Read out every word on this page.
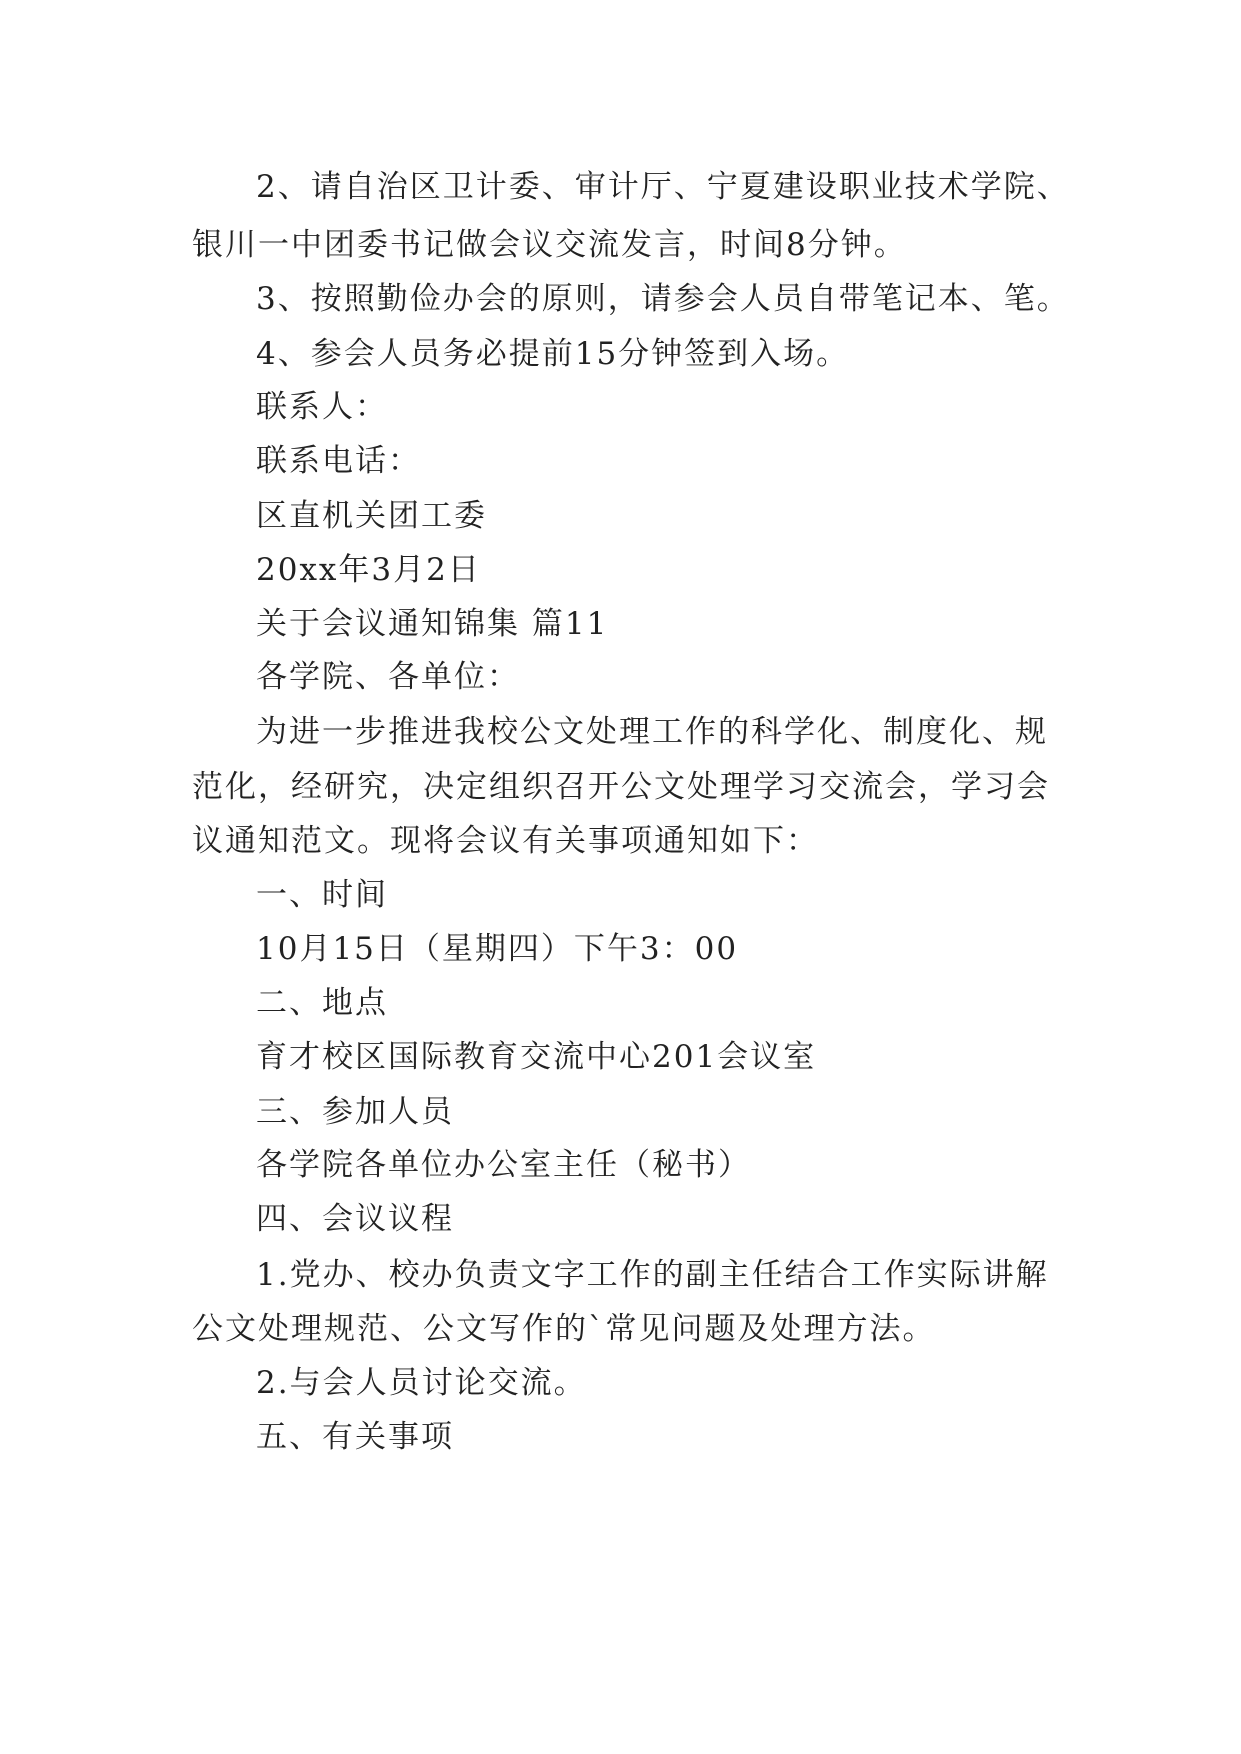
2、请自治区卫计委、审计厅、宁夏建设职业技术学院、

银川一中团委书记做会议交流发言，时间8分钟。

3、按照勤俭办会的原则，请参会人员自带笔记本、笔。

4、参会人员务必提前15分钟签到入场。

联系人：

联系电话：

区直机关团工委

20xx年3月2日

关于会议通知锦集 篇11

各学院、各单位：

为进一步推进我校公文处理工作的科学化、制度化、规

范化，经研究，决定组织召开公文处理学习交流会，学习会

议通知范文。现将会议有关事项通知如下：

一、时间

10月15日（星期四）下午3：00

二、地点

育才校区国际教育交流中心201会议室

三、参加人员

各学院各单位办公室主任（秘书）

四、会议议程

1.党办、校办负责文字工作的副主任结合工作实际讲解

公文处理规范、公文写作的`常见问题及处理方法。

2.与会人员讨论交流。

五、有关事项
